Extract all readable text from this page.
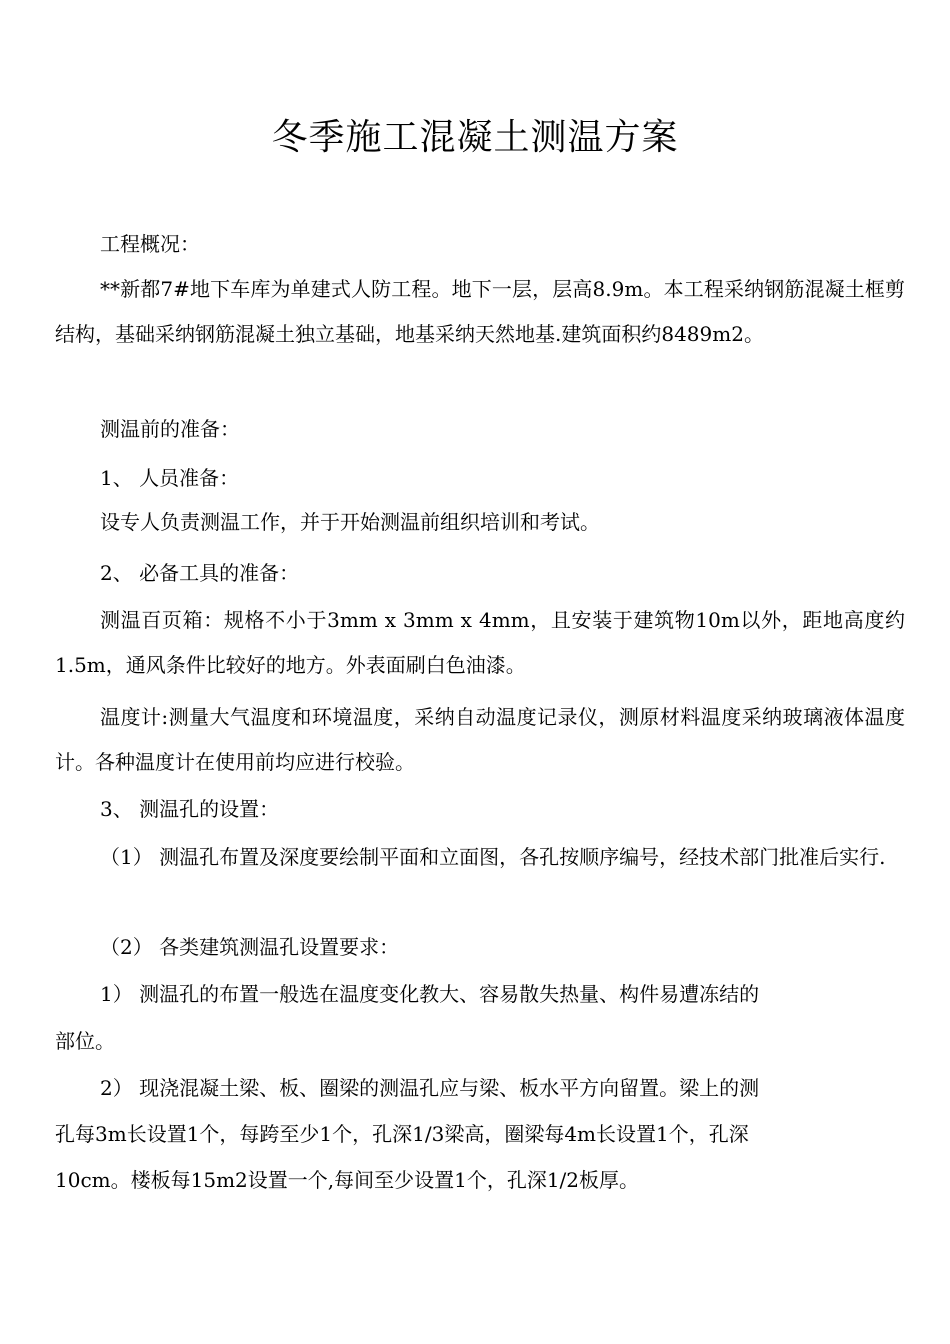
冬季施工混凝土测温方案

工程概况：

**新都7#地下车库为单建式人防工程。地下一层，层高8.9m。本工程采纳钢筋混凝土框剪结构，基础采纳钢筋混凝土独立基础，地基采纳天然地基.建筑面积约8489m2。

测温前的准备：

1、 人员准备：

设专人负责测温工作，并于开始测温前组织培训和考试。

2、 必备工具的准备：

测温百页箱：规格不小于3mm x 3mm x 4mm，且安装于建筑物10m以外，距地高度约1.5m，通风条件比较好的地方。外表面刷白色油漆。

温度计:测量大气温度和环境温度，采纳自动温度记录仪，测原材料温度采纳玻璃液体温度计。各种温度计在使用前均应进行校验。

3、 测温孔的设置：

（1） 测温孔布置及深度要绘制平面和立面图，各孔按顺序编号，经技术部门批准后实行.

（2） 各类建筑测温孔设置要求：

1） 测温孔的布置一般选在温度变化教大、容易散失热量、构件易遭冻结的

部位。

2） 现浇混凝土梁、板、圈梁的测温孔应与梁、板水平方向留置。梁上的测

孔每3m长设置1个，每跨至少1个，孔深1/3梁高，圈梁每4m长设置1个，孔深

10cm。楼板每15m2设置一个,每间至少设置1个，孔深1/2板厚。
